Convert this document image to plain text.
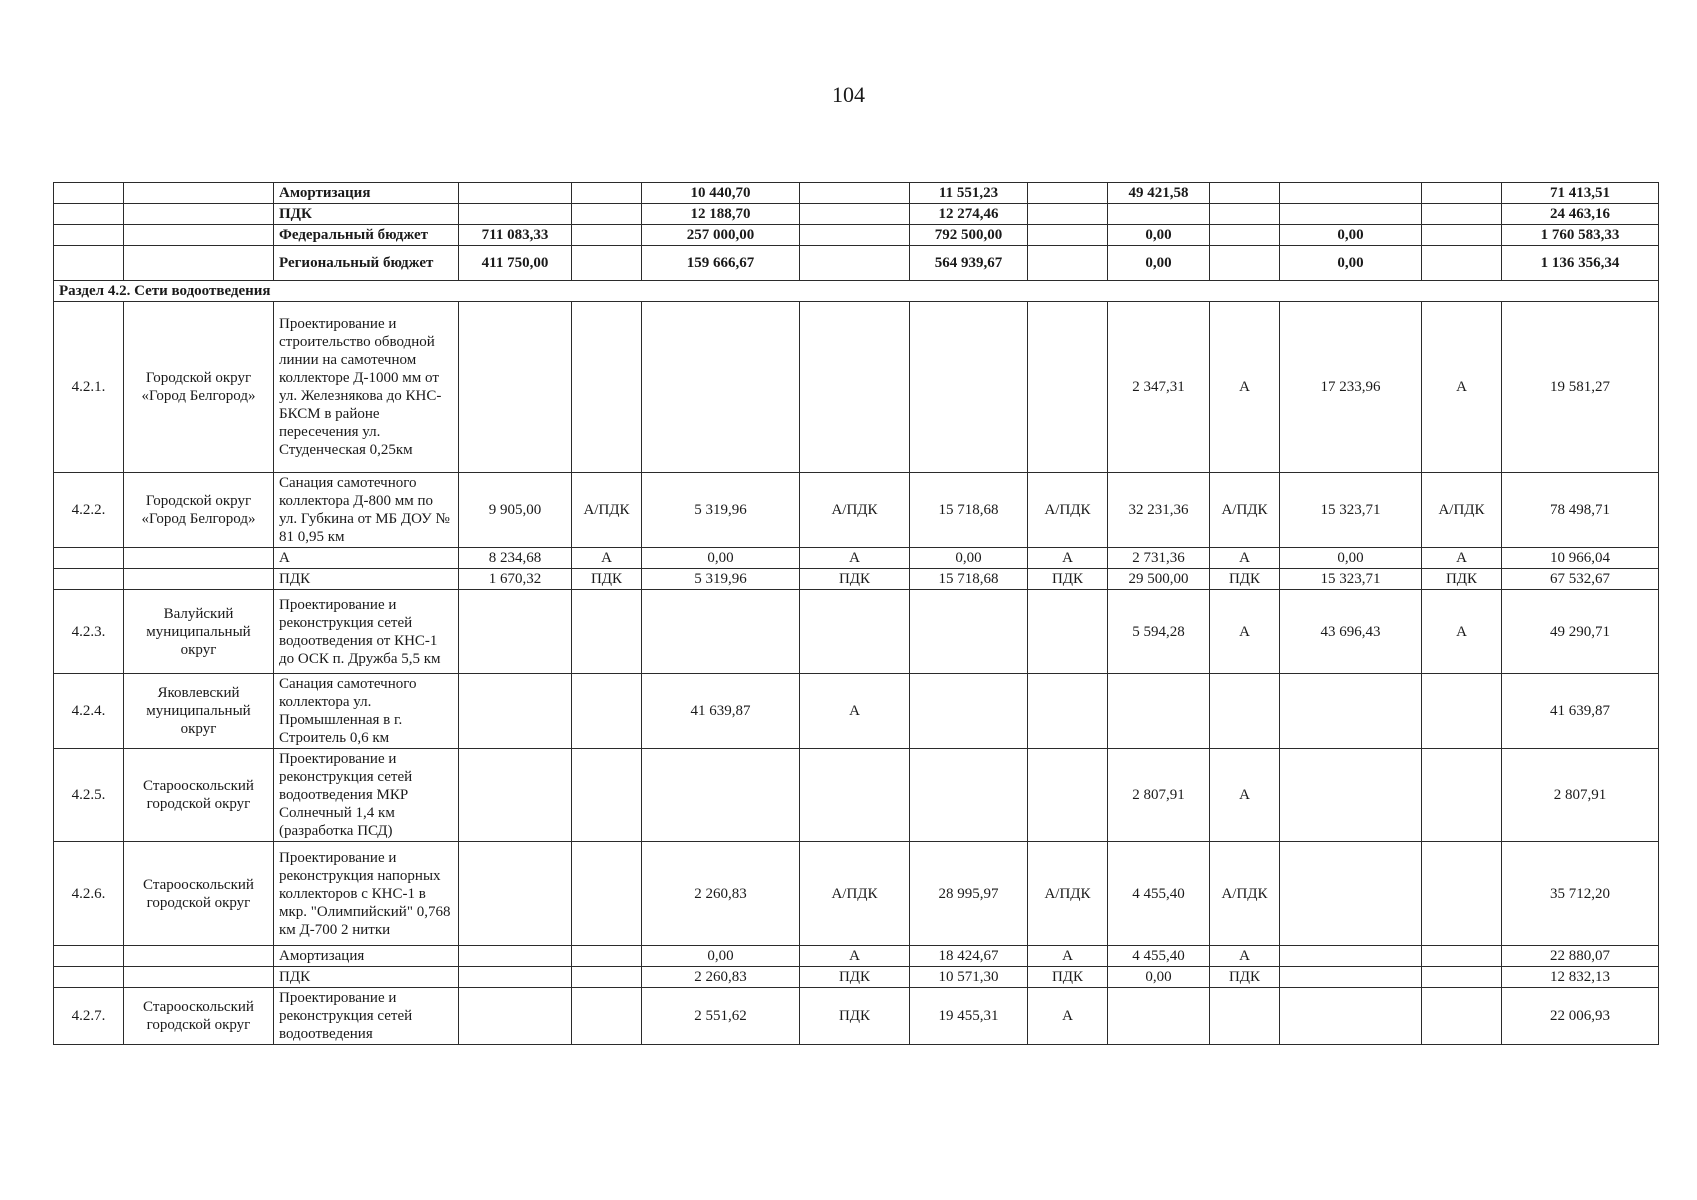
104
		Амортизация			10 440,70		11 551,23		49 421,58				71 413,51
		ПДК			12 188,70		12 274,46						24 463,16
		Федеральный бюджет	711 083,33		257 000,00		792 500,00		0,00		0,00		1 760 583,33
		Региональный бюджет	411 750,00		159 666,67		564 939,67		0,00		0,00		1 136 356,34
Раздел 4.2. Сети водоотведения													
4.2.1.	Городской округ «Город Белгород»	Проектирование и строительство обводной линии на самотечном коллекторе Д-1000 мм от ул. Железнякова до КНС-БКСМ в районе пересечения ул. Студенческая 0,25км							2 347,31	А	17 233,96	А	19 581,27
4.2.2.	Городской округ «Город Белгород»	Санация самотечного коллектора Д-800 мм по ул. Губкина от МБ ДОУ № 81 0,95 км	9 905,00	А/ПДК	5 319,96	А/ПДК	15 718,68	А/ПДК	32 231,36	А/ПДК	15 323,71	А/ПДК	78 498,71
		А	8 234,68	А	0,00	А	0,00	А	2 731,36	А	0,00	А	10 966,04
		ПДК	1 670,32	ПДК	5 319,96	ПДК	15 718,68	ПДК	29 500,00	ПДК	15 323,71	ПДК	67 532,67
4.2.3.	Валуйский муниципальный округ	Проектирование и реконструкция сетей водоотведения от КНС-1 до ОСК п. Дружба 5,5 км							5 594,28	А	43 696,43	А	49 290,71
4.2.4.	Яковлевский муниципальный округ	Санация самотечного коллектора ул. Промышленная в г. Строитель 0,6 км			41 639,87	А							41 639,87
4.2.5.	Старооскольский городской округ	Проектирование и реконструкция сетей водоотведения МКР Солнечный 1,4 км (разработка ПСД)							2 807,91	А			2 807,91
4.2.6.	Старооскольский городской округ	Проектирование и реконструкция напорных коллекторов с КНС-1 в мкр. "Олимпийский" 0,768 км Д-700 2 нитки			2 260,83	А/ПДК	28 995,97	А/ПДК	4 455,40	А/ПДК			35 712,20
		Амортизация			0,00	А	18 424,67	А	4 455,40	А			22 880,07
		ПДК			2 260,83	ПДК	10 571,30	ПДК	0,00	ПДК			12 832,13
4.2.7.	Старооскольский городской округ	Проектирование и реконструкция сетей водоотведения			2 551,62	ПДК	19 455,31	А					22 006,93
